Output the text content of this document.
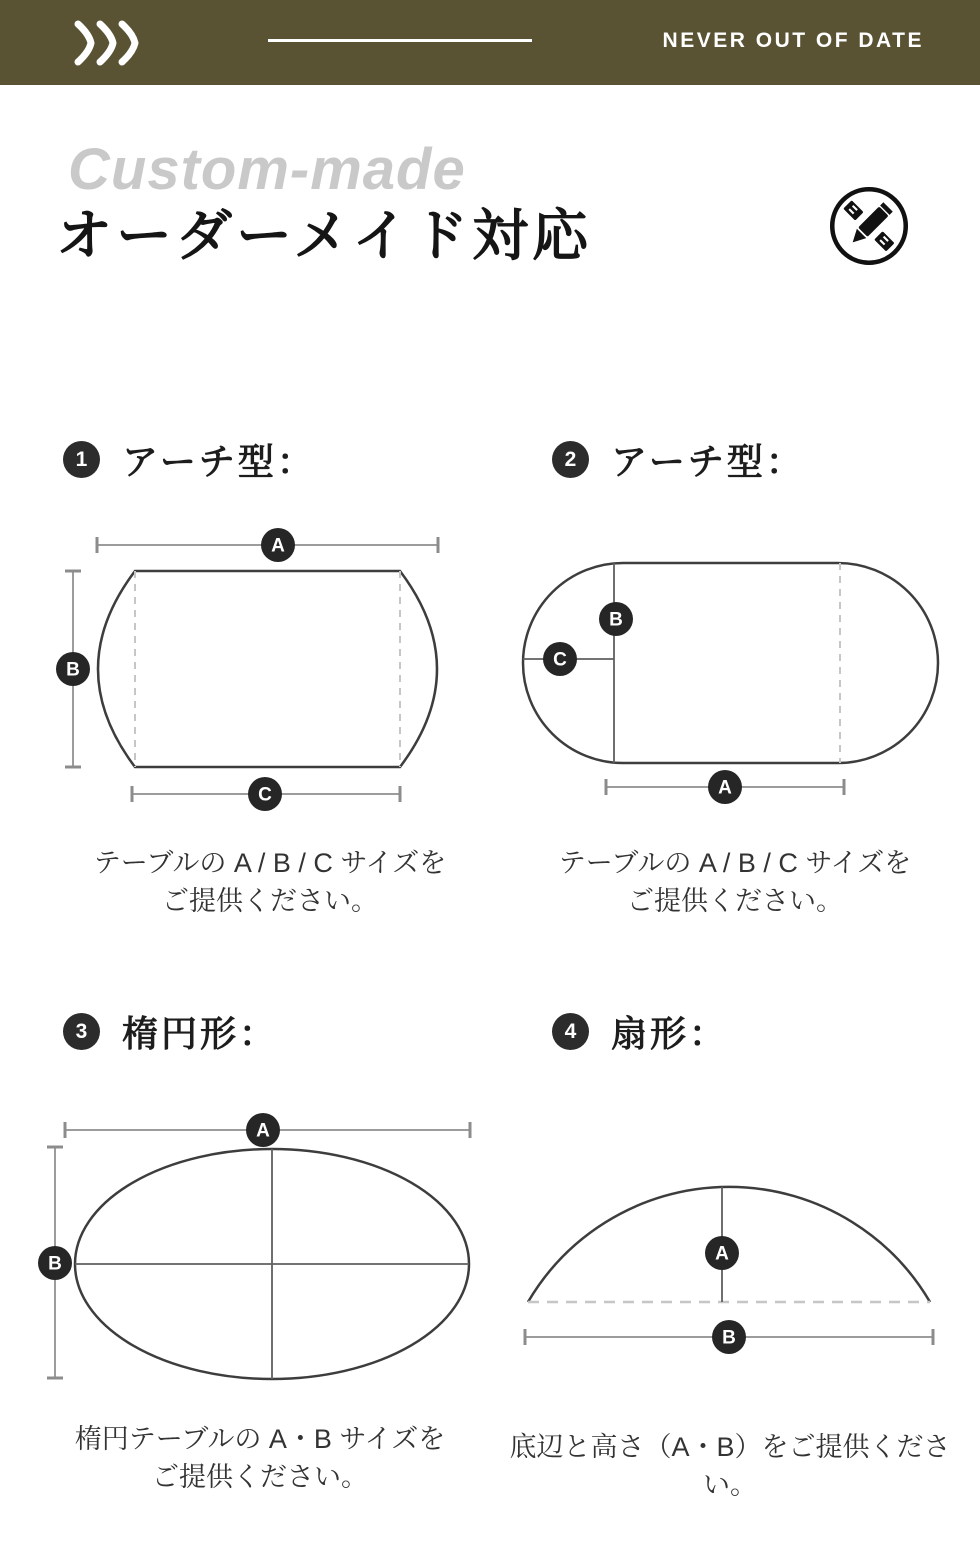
NEVER OUT OF DATE
Custom-made
オーダーメイド対応
1 アーチ型：	2 アーチ型：
A
B
C
B
C
A
テーブルの A / B / C サイズを
ご提供ください。
テーブルの A / B / C サイズを
ご提供ください。
3 楕円形：	4 扇形：
A
B	A
B
楕円テーブルの A・B サイズを
ご提供ください。
底辺と高さ（A・B）をご提供ください。
